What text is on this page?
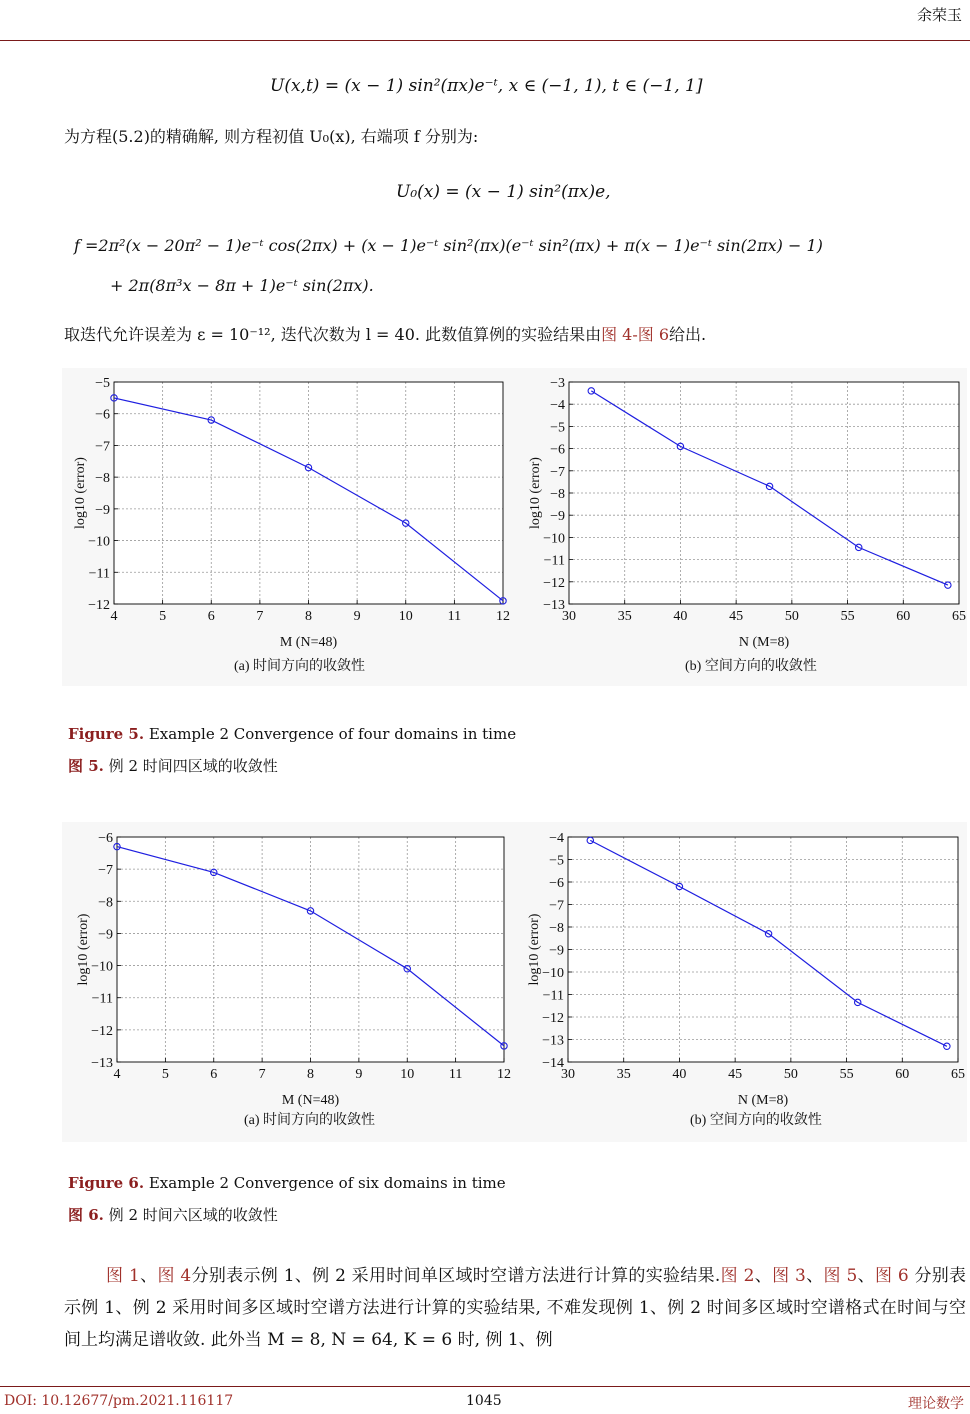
余荣玉
U(x,t) = (x − 1) sin²(πx)e⁻ᵗ, x ∈ (−1, 1), t ∈ (−1, 1]
为方程(5.2)的精确解, 则方程初值 U₀(x), 右端项 f 分别为:
U₀(x) = (x − 1) sin²(πx)e,
f =2π²(x − 20π² − 1)e⁻ᵗ cos(2πx) + (x − 1)e⁻ᵗ sin²(πx)(e⁻ᵗ sin²(πx) + π(x − 1)e⁻ᵗ sin(2πx) − 1)
+ 2π(8π³x − 8π + 1)e⁻ᵗ sin(2πx).
取迭代允许误差为 ε = 10⁻¹², 迭代次数为 l = 40. 此数值算例的实验结果由图 4-图 6给出.
4	5	6	7	8	9	10 11 12
−5
−6
−7
−8
−9
−10
−11
−12
M (N=48)
log10 (error)
30	35	40	45	50	55	60	65
−3
−4
−5
−6
−7
−8
−9
−10
−11
−12
−13
N (M=8)
log10 (error)
(a) 时间方向的收敛性	(b) 空间方向的收敛性
Figure 5. Example 2 Convergence of four domains in time
图 5. 例 2 时间四区域的收敛性
4	5	6	7	8	9	10 11 12
−6
−7
−8
−9
−10
−11
−12
−13
M (N=48)
log10 (error)
30	35	40	45	50	55	60	65
−4
−5
−6
−7
−8
−9
−10
−11
−12
−13
−14
N (M=8)
log10 (error)
(a) 时间方向的收敛性	(b) 空间方向的收敛性
Figure 6. Example 2 Convergence of six domains in time
图 6. 例 2 时间六区域的收敛性
图 1、图 4分别表示例 1、例 2 采用时间单区域时空谱方法进行计算的实验结果.图 2、图 3、图 5、图 6 分别表示例 1、例 2 采用时间多区域时空谱方法进行计算的实验结果, 不难发现例 1、例 2 时间多区域时空谱格式在时间与空间上均满足谱收敛. 此外当 M = 8, N = 64, K = 6 时, 例 1、例
DOI: 10.12677/pm.2021.116117	1045	理论数学
